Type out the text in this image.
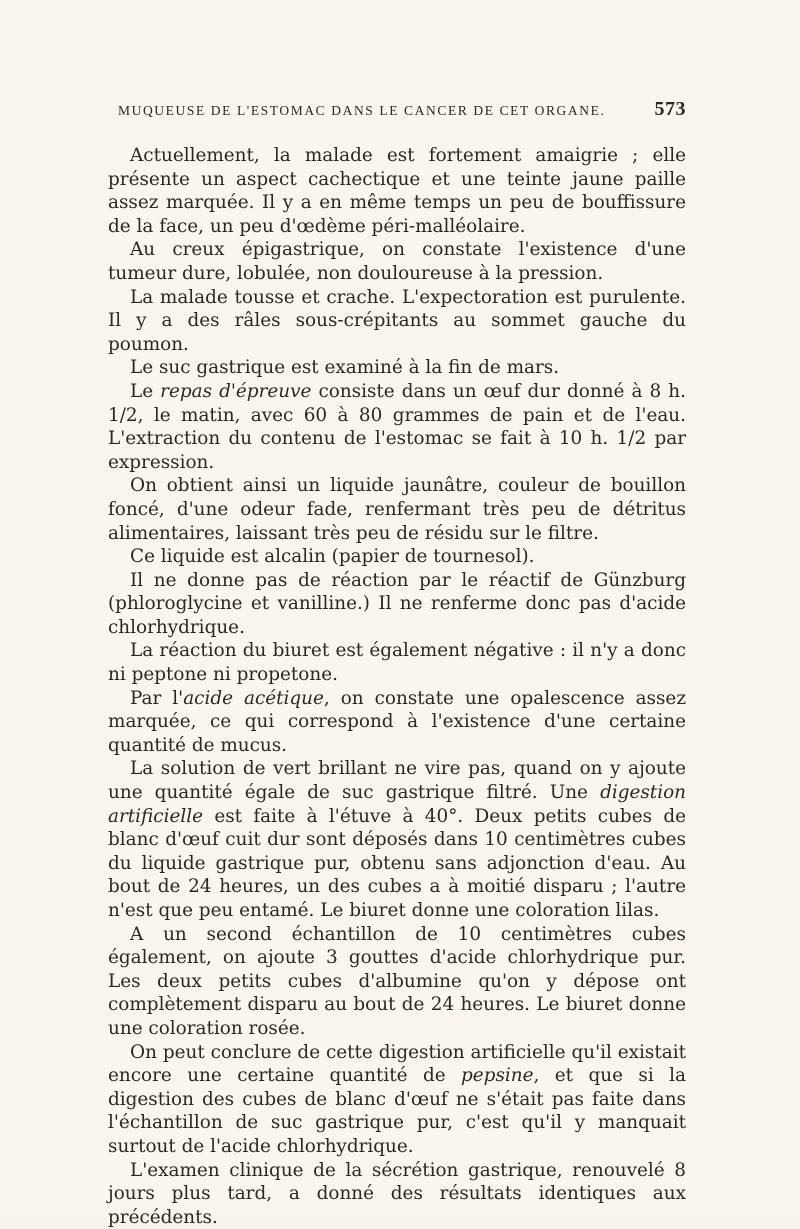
MUQUEUSE DE L'ESTOMAC DANS LE CANCER DE CET ORGANE. 573

Actuellement, la malade est fortement amaigrie ; elle présente un aspect cachectique et une teinte jaune paille assez marquée. Il y a en même temps un peu de bouffissure de la face, un peu d'œdème péri-malléolaire.

Au creux épigastrique, on constate l'existence d'une tumeur dure, lobulée, non douloureuse à la pression.

La malade tousse et crache. L'expectoration est purulente. Il y a des râles sous-crépitants au sommet gauche du poumon.

Le suc gastrique est examiné à la fin de mars.

Le repas d'épreuve consiste dans un œuf dur donné à 8 h. 1/2, le matin, avec 60 à 80 grammes de pain et de l'eau. L'extraction du contenu de l'estomac se fait à 10 h. 1/2 par expression.

On obtient ainsi un liquide jaunâtre, couleur de bouillon foncé, d'une odeur fade, renfermant très peu de détritus alimentaires, laissant très peu de résidu sur le filtre.

Ce liquide est alcalin (papier de tournesol).

Il ne donne pas de réaction par le réactif de Günzburg (phloroglycine et vanilline.) Il ne renferme donc pas d'acide chlorhydrique.

La réaction du biuret est également négative : il n'y a donc ni peptone ni propetone.

Par l'acide acétique, on constate une opalescence assez marquée, ce qui correspond à l'existence d'une certaine quantité de mucus.

La solution de vert brillant ne vire pas, quand on y ajoute une quantité égale de suc gastrique filtré. Une digestion artificielle est faite à l'étuve à 40°. Deux petits cubes de blanc d'œuf cuit dur sont déposés dans 10 centimètres cubes du liquide gastrique pur, obtenu sans adjonction d'eau. Au bout de 24 heures, un des cubes a à moitié disparu ; l'autre n'est que peu entamé. Le biuret donne une coloration lilas.

A un second échantillon de 10 centimètres cubes également, on ajoute 3 gouttes d'acide chlorhydrique pur. Les deux petits cubes d'albumine qu'on y dépose ont complètement disparu au bout de 24 heures. Le biuret donne une coloration rosée.

On peut conclure de cette digestion artificielle qu'il existait encore une certaine quantité de pepsine, et que si la digestion des cubes de blanc d'œuf ne s'était pas faite dans l'échantillon de suc gastrique pur, c'est qu'il y manquait surtout de l'acide chlorhydrique.

L'examen clinique de la sécrétion gastrique, renouvelé 8 jours plus tard, a donné des résultats identiques aux précédents.
